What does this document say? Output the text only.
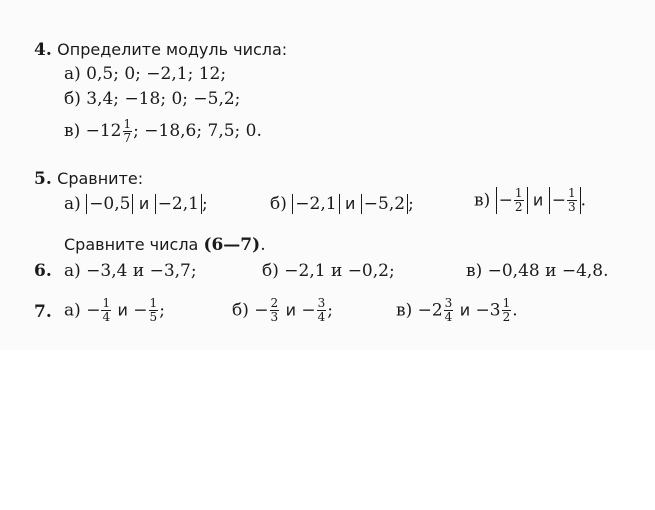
4. Определите модуль числа:
а) 0,5; 0; −2,1; 12;
б) 3,4; −18; 0; −5,2;
$в) -12 \frac{1}{7}$ ; −18,6; 7,5; 0.
5. Сравните:
а) −0,5 и −2,1 ;	б) −2,1 и −5,2 ;	$в) - \frac{1}{2}$ $и - \frac{1}{3}$ .
Сравните числа (6—7).
6. а) −3,4 и −3,7;	б) −2,1 и −0,2;	в) −0,48 и −4,8.
7. $а) - \frac{1}{4}$ $и - \frac{1}{5}$ ;	$б) - \frac{2}{3}$ $и - \frac{3}{4}$ ;	$в) -2 \frac{3}{4}$ $и -3 \frac{1}{2}$ .
